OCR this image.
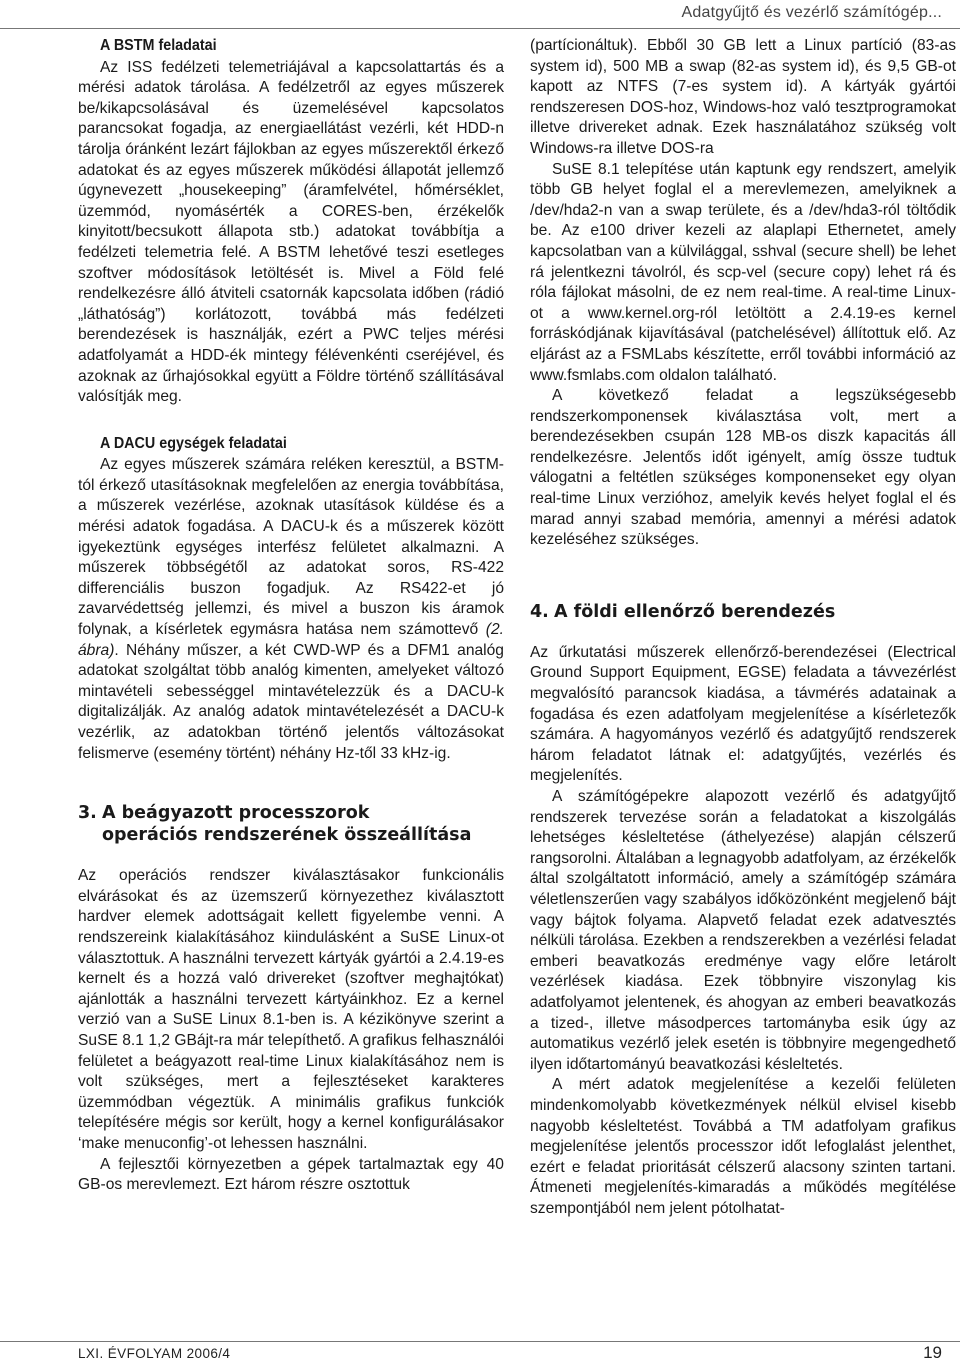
Adatgyűjtő és vezérlő számítógép...
A BSTM feladatai

Az ISS fedélzeti telemetriájával a kapcsolattartás és a mérési adatok tárolása. A fedélzetről az egyes műszerek be/kikapcsolásával és üzemelésével kapcsolatos parancsokat fogadja, az energiaellátást vezérli, két HDD-n tárolja óránként lezárt fájlokban az egyes műszerektől érkező adatokat és az egyes műszerek működési állapotát jellemző úgynevezett „housekeeping” (áramfelvétel, hőmérséklet, üzemmód, nyomásérték a CORES-ben, érzékelők kinyitott/becsukott állapota stb.) adatokat továbbítja a fedélzeti telemetria felé. A BSTM lehetővé teszi esetleges szoftver módosítások letöltését is. Mivel a Föld felé rendelkezésre álló átviteli csatornák kapcsolata időben (rádió „láthatóság”) korlátozott, továbbá más fedélzeti berendezések is használják, ezért a PWC teljes mérési adatfolyamát a HDD-ék mintegy félévenkénti cseréjével, és azoknak az űrhajósokkal együtt a Földre történő szállításával valósítják meg.

A DACU egységek feladatai

Az egyes műszerek számára reléken keresztül, a BSTM-tól érkező utasításoknak megfelelően az energia továbbítása, a műszerek vezérlése, azoknak utasítások küldése és a mérési adatok fogadása. A DACU-k és a műszerek között igyekeztünk egységes interfész felületet alkalmazni. A műszerek többségétől az adatokat soros, RS-422 differenciális buszon fogadjuk. Az RS422-et jó zavarvédettség jellemzi, és mivel a buszon kis áramok folynak, a kísérletek egymásra hatása nem számottevő (2. ábra). Néhány műszer, a két CWD-WP és a DFM1 analóg adatokat szolgáltat több analóg kimenten, amelyeket változó mintavételi sebességgel mintavételezzük és a DACU-k digitalizálják. Az analóg adatok mintavételezését a DACU-k vezérlik, az adatokban történő jelentős változásokat felismerve (esemény történt) néhány Hz-től 33 kHz-ig.

3. A beágyazott processzorok
operációs rendszerének összeállítása

Az operációs rendszer kiválasztásakor funkcionális elvárásokat és az üzemszerű környezethez kiválasztott hardver elemek adottságait kellett figyelembe venni. A rendszereink kialakításához kiindulásként a SuSE Linux-ot választottuk. A használni tervezett kártyák gyártói a 2.4.19-es kernelt és a hozzá való drivereket (szoftver meghajtókat) ajánlották a használni tervezett kártyáinkhoz. Ez a kernel verzió van a SuSE Linux 8.1-ben is. A kézikönyve szerint a SuSE 8.1 1,2 GBájt-ra már telepíthető. A grafikus felhasználói felületet a beágyazott real-time Linux kialakításához nem is volt szükséges, mert a fejlesztéseket karakteres üzemmódban végeztük. A minimális grafikus funkciók telepítésére mégis sor került, hogy a kernel konfigurálásakor ‘make menuconfig’-ot lehessen használni.

A fejlesztői környezetben a gépek tartalmaztak egy 40 GB-os merevlemezt. Ezt három részre osztottuk

(partícionáltuk). Ebből 30 GB lett a Linux partíció (83-as system id), 500 MB a swap (82-as system id), és 9,5 GB-ot kapott az NTFS (7-es system id). A kártyák gyártói rendszeresen DOS-hoz, Windows-hoz való tesztprogramokat illetve drivereket adnak. Ezek használatához szükség volt Windows-ra illetve DOS-ra

SuSE 8.1 telepítése után kaptunk egy rendszert, amelyik több GB helyet foglal el a merevlemezen, amelyiknek a /dev/hda2-n van a swap területe, és a /dev/hda3-ról töltődik be. Az e100 driver kezeli az alaplapi Ethernetet, amely kapcsolatban van a külvilággal, sshval (secure shell) be lehet rá jelentkezni távolról, és scp-vel (secure copy) lehet rá és róla fájlokat másolni, de ez nem real-time. A real-time Linux-ot a www.kernel.org-ról letöltött a 2.4.19-es kernel forráskódjának kijavításával (patchelésével) állítottuk elő. Az eljárást az a FSMLabs készítette, erről további információ az www.fsmlabs.com oldalon található.

A következő feladat a legszükségesebb rendszerkomponensek kiválasztása volt, mert a berendezésekben csupán 128 MB-os diszk kapacitás áll rendelkezésre. Jelentős időt igényelt, amíg össze tudtuk válogatni a feltétlen szükséges komponenseket egy olyan real-time Linux verzióhoz, amelyik kevés helyet foglal el és marad annyi szabad memória, amennyi a mérési adatok kezeléséhez szükséges.

4. A földi ellenőrző berendezés

Az űrkutatási műszerek ellenőrző-berendezései (Electrical Ground Support Equipment, EGSE) feladata a távvezérlést megvalósító parancsok kiadása, a távmérés adatainak a fogadása és ezen adatfolyam megjelenítése a kísérletezők számára. A hagyományos vezérlő és adatgyűjtő rendszerek három feladatot látnak el: adatgyűjtés, vezérlés és megjelenítés.

A számítógépekre alapozott vezérlő és adatgyűjtő rendszerek tervezése során a feladatokat a kiszolgálás lehetséges késleltetése (áthelyezése) alapján célszerű rangsorolni. Általában a legnagyobb adatfolyam, az érzékelők által szolgáltatott információ, amely a számítógép számára véletlenszerűen vagy szabályos időközönként megjelenő bájt vagy bájtok folyama. Alapvető feladat ezek adatvesztés nélküli tárolása. Ezekben a rendszerekben a vezérlési feladat emberi beavatkozás eredménye vagy előre letárolt vezérlések kiadása. Ezek többnyire viszonylag kis adatfolyamot jelentenek, és ahogyan az emberi beavatkozás a tized-, illetve másodperces tartományba esik úgy az automatikus vezérlő jelek esetén is többnyire megengedhető ilyen időtartományú beavatkozási késleltetés.

A mért adatok megjelenítése a kezelői felületen mindenkomolyabb következmények nélkül elvisel kisebb nagyobb késleltetést. Továbbá a TM adatfolyam grafikus megjelenítése jelentős processzor időt lefoglalást jelenthet, ezért e feladat prioritását célszerű alacsony szinten tartani. Átmeneti megjelenítés-kimaradás a működés megítélése szempontjából nem jelent pótolhatat-

LXI. ÉVFOLYAM 2006/4	19
